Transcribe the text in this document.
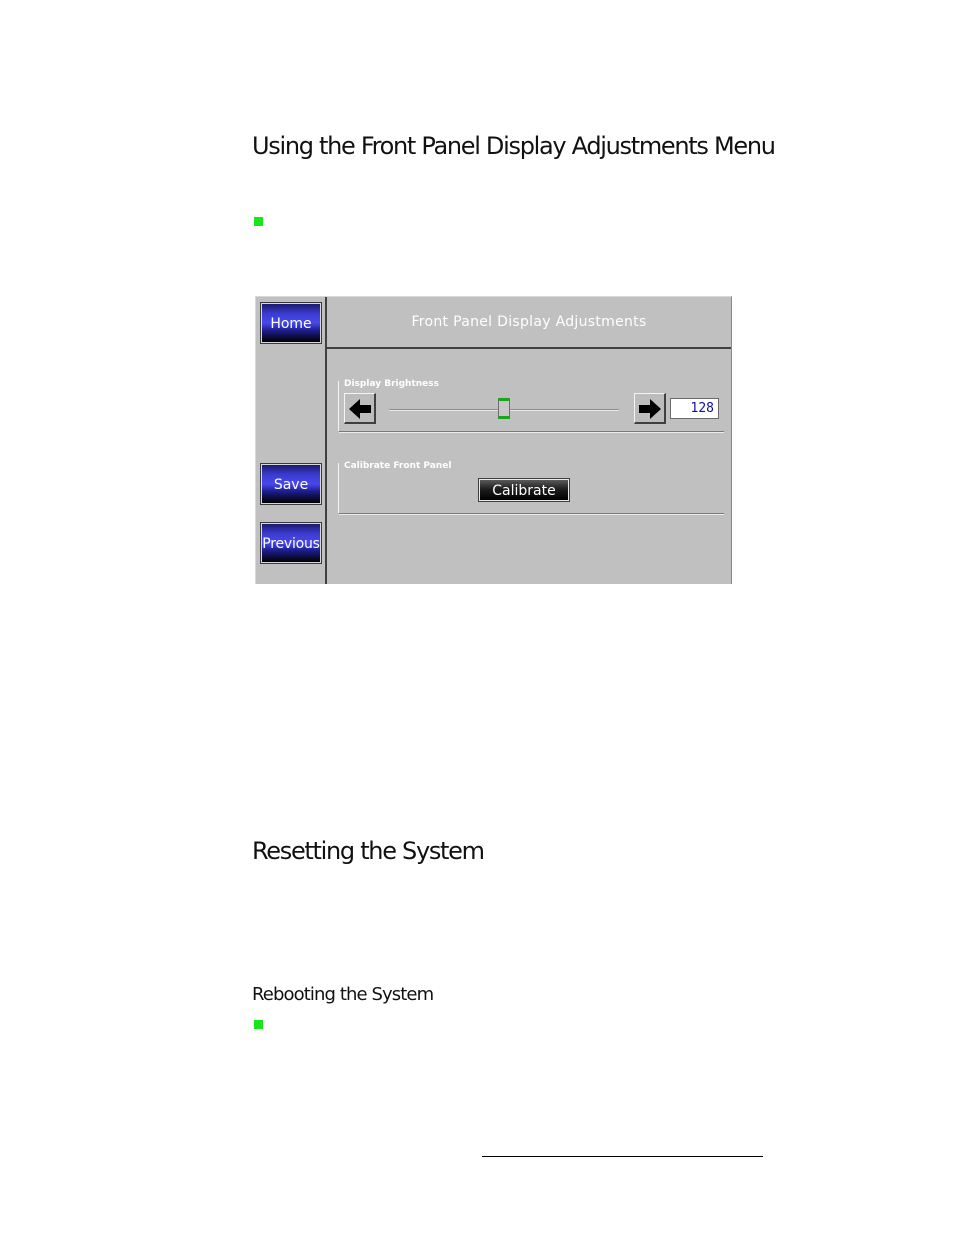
Using the Front Panel Display Adjustments Menu
Home
Save
Previous
Front Panel Display Adjustments
Display Brightness
128
Calibrate Front Panel
Calibrate
Resetting the System
Rebooting the System
